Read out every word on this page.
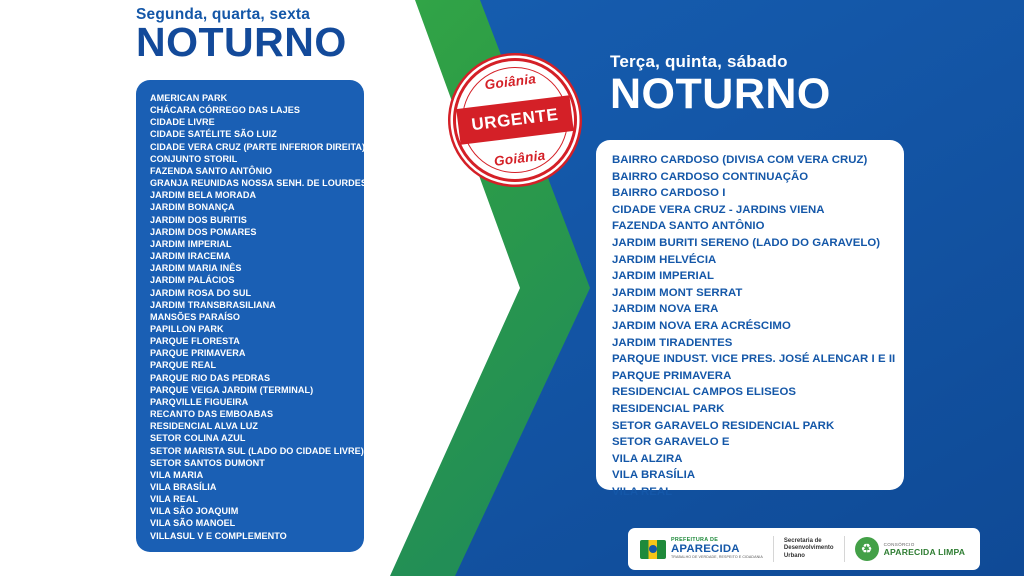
Segunda, quarta, sexta
NOTURNO
AMERICAN PARK
CHÁCARA CÓRREGO DAS LAJES
CIDADE LIVRE
CIDADE SATÉLITE SÃO LUIZ
CIDADE VERA CRUZ (PARTE INFERIOR DIREITA)
CONJUNTO STORIL
FAZENDA SANTO ANTÔNIO
GRANJA REUNIDAS NOSSA SENH. DE LOURDES
JARDIM BELA MORADA
JARDIM BONANÇA
JARDIM DOS BURITIS
JARDIM DOS POMARES
JARDIM IMPERIAL
JARDIM IRACEMA
JARDIM MARIA INÊS
JARDIM PALÁCIOS
JARDIM ROSA DO SUL
JARDIM TRANSBRASILIANA
MANSÕES PARAÍSO
PAPILLON PARK
PARQUE FLORESTA
PARQUE PRIMAVERA
PARQUE REAL
PARQUE RIO DAS PEDRAS
PARQUE VEIGA JARDIM (TERMINAL)
PARQVILLE FIGUEIRA
RECANTO DAS EMBOABAS
RESIDENCIAL ALVA LUZ
SETOR COLINA AZUL
SETOR MARISTA SUL (LADO DO CIDADE LIVRE)
SETOR SANTOS DUMONT
VILA MARIA
VILA BRASÍLIA
VILA REAL
VILA SÃO JOAQUIM
VILA SÃO MANOEL
VILLASUL V E COMPLEMENTO
Goiânia
URGENTE
Goiânia
Terça, quinta, sábado
NOTURNO
BAIRRO CARDOSO (DIVISA COM VERA CRUZ)
BAIRRO CARDOSO CONTINUAÇÃO
BAIRRO CARDOSO I
CIDADE VERA CRUZ - JARDINS VIENA
FAZENDA SANTO ANTÔNIO
JARDIM BURITI SERENO (LADO DO GARAVELO)
JARDIM HELVÉCIA
JARDIM IMPERIAL
JARDIM MONT SERRAT
JARDIM NOVA ERA
JARDIM NOVA ERA ACRÉSCIMO
JARDIM TIRADENTES
PARQUE INDUST. VICE PRES. JOSÉ ALENCAR I E II
PARQUE PRIMAVERA
RESIDENCIAL CAMPOS ELISEOS
RESIDENCIAL PARK
SETOR GARAVELO RESIDENCIAL PARK
SETOR GARAVELO E
VILA ALZIRA
VILA BRASÍLIA
VILA REAL
PREFEITURA DE
APARECIDA
TRABALHO DE VERDADE, RESPEITO E CIDADANIA
Secretaria de
Desenvolvimento
Urbano	♻	CONSÓRCIO
APARECIDA LIMPA
